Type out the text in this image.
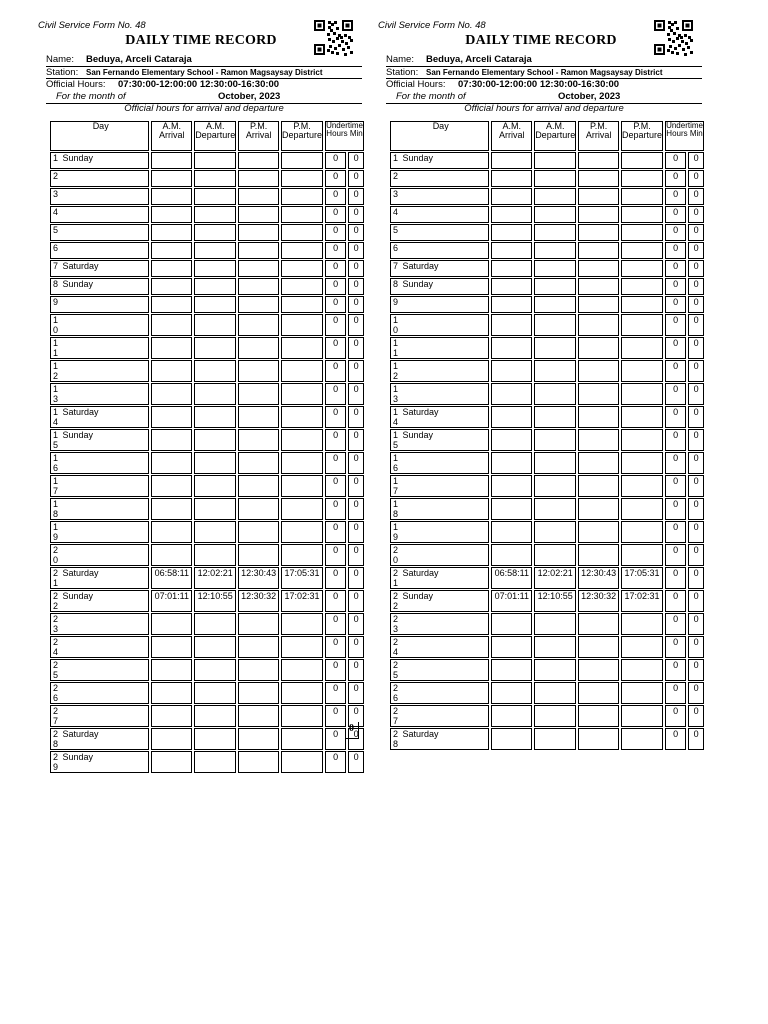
Civil Service Form No. 48
DAILY TIME RECORD
Name: Beduya, Arceli Cataraja
Station: San Fernando Elementary School - Ramon Magsaysay District
Official Hours: 07:30:00-12:00:00 12:30:00-16:30:00
For the month of	October, 2023
Official hours for arrival and departure
Day	A.M. Arrival	A.M. Departure	P.M. Arrival	P.M. Departure	Undertime Hours Min	
1 Sunday					0	0
2					0	0
3					0	0
4					0	0
5					0	0
6					0	0
7 Saturday					0	0
8 Sunday					0	0
9					0	0
10					0	0
11					0	0
12					0	0
13					0	0
14 Saturday					0	0
15 Sunday					0	0
16					0	0
17					0	0
18					0	0
19					0	0
20					0	0
21 Saturday	06:58:11	12:02:21	12:30:43	17:05:31	0	0
22 Sunday	07:01:11	12:10:55	12:30:32	17:02:31	0	0
23					0	0
24					0	0
25					0	0
26					0	0
27					0	0
28 Saturday					0	0
29 Sunday					0	0
Civil Service Form No. 48
DAILY TIME RECORD
Name: Beduya, Arceli Cataraja
Station: San Fernando Elementary School - Ramon Magsaysay District
Official Hours: 07:30:00-12:00:00 12:30:00-16:30:00
For the month of	October, 2023
Official hours for arrival and departure
Day	A.M. Arrival	A.M. Departure	P.M. Arrival	P.M. Departure	Undertime Hours Min	
1 Sunday					0	0
2					0	0
3					0	0
4					0	0
5					0	0
6					0	0
7 Saturday					0	0
8 Sunday					0	0
9					0	0
10					0	0
11					0	0
12					0	0
13					0	0
14 Saturday					0	0
15 Sunday					0	0
16					0	0
17					0	0
18					0	0
19					0	0
20					0	0
21 Saturday	06:58:11	12:02:21	12:30:43	17:05:31	0	0
22 Sunday	07:01:11	12:10:55	12:30:32	17:02:31	0	0
23					0	0
24					0	0
25					0	0
26					0	0
27					0	0
28 Saturday					0	0
0
